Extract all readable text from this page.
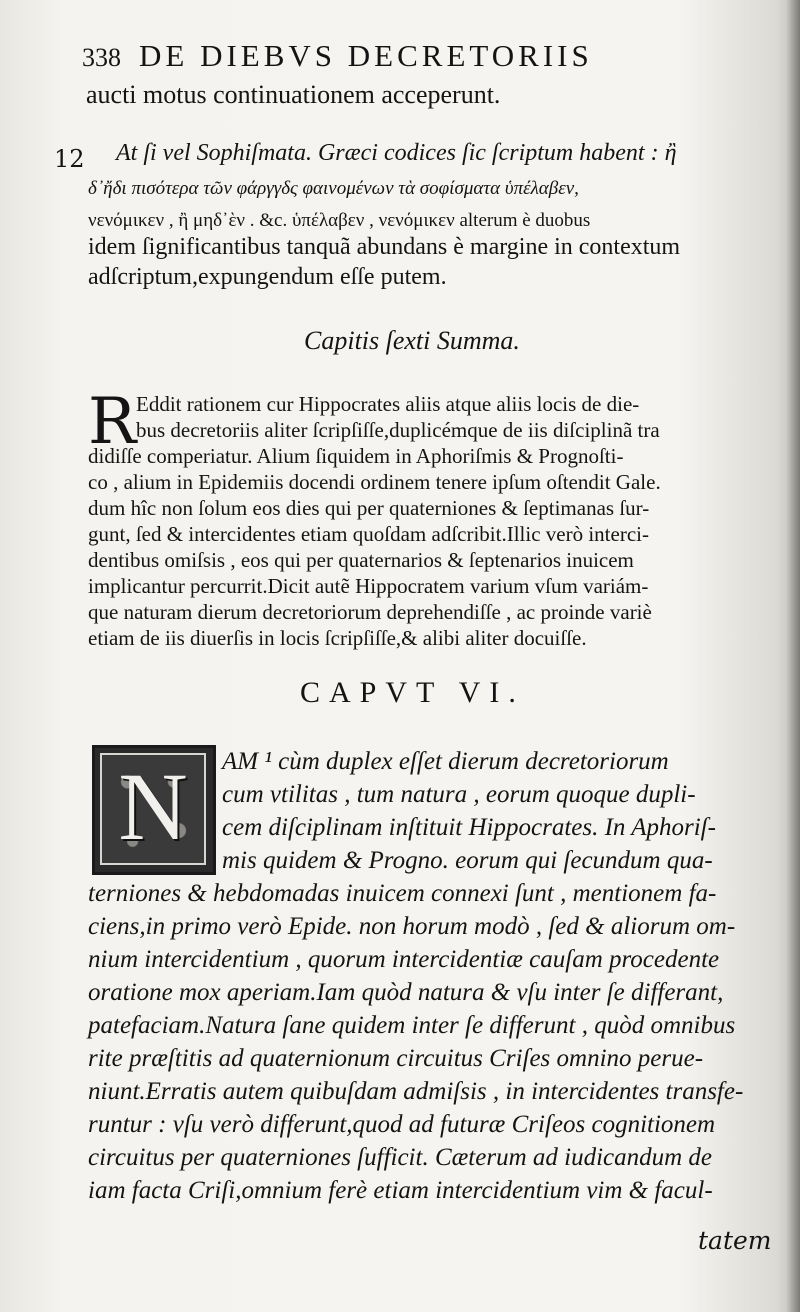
338 DE DIEBVS DECRETORIIS
aucti motus continuationem acceperunt.
12 At ſi vel Sophiſmata. Græci codices ſic ſcriptum habent : ἢ
δ᾽ἤδι πισότερα τῶν φάργγδς φαινομένων τὰ σοφίσματα ὑπέλαβεν,
νενόμικεν , ἢ μηδ᾽ὲν . &c. ὑπέλαβεν , νενόμικεν alterum è duobus
idem ſignificantibus tanquã abundans è margine in contextum
adſcriptum,expungendum eſſe putem.
Capitis ſexti Summa.
R Eddit rationem cur Hippocrates aliis atque aliis locis de die-
bus decretoriis aliter ſcripſiſſe,duplicémque de iis diſciplinã tra
didiſſe comperiatur. Alium ſiquidem in Aphoriſmis & Prognoſti-
co , alium in Epidemiis docendi ordinem tenere ipſum oſtendit Gale.
dum hîc non ſolum eos dies qui per quaterniones & ſeptimanas ſur-
gunt, ſed & intercidentes etiam quoſdam adſcribit.Illic verò interci-
dentibus omiſsis , eos qui per quaternarios & ſeptenarios inuicem
implicantur percurrit.Dicit autẽ Hippocratem varium vſum variám-
que naturam dierum decretoriorum deprehendiſſe , ac proinde variè
etiam de iis diuerſis in locis ſcripſiſſe,& alibi aliter docuiſſe.
CAPVT VI.
N	AM ¹ cùm duplex eſſet dierum decretoriorum
cum vtilitas , tum natura , eorum quoque dupli-
cem diſciplinam inſtituit Hippocrates. In Aphoriſ-
mis quidem & Progno. eorum qui ſecundum qua-
terniones & hebdomadas inuicem connexi ſunt , mentionem fa-
ciens,in primo verò Epide. non horum modò , ſed & aliorum om-
nium intercidentium , quorum intercidentiæ cauſam procedente
oratione mox aperiam.Iam quòd natura & vſu inter ſe differant,
patefaciam.Natura ſane quidem inter ſe differunt , quòd omnibus
rite præſtitis ad quaternionum circuitus Criſes omnino perue-
niunt.Erratis autem quibuſdam admiſsis , in intercidentes transfe-
runtur : vſu verò differunt,quod ad futuræ Criſeos cognitionem
circuitus per quaterniones ſufficit. Cæterum ad iudicandum de
iam facta Criſi,omnium ferè etiam intercidentium vim & facul-
tatem
